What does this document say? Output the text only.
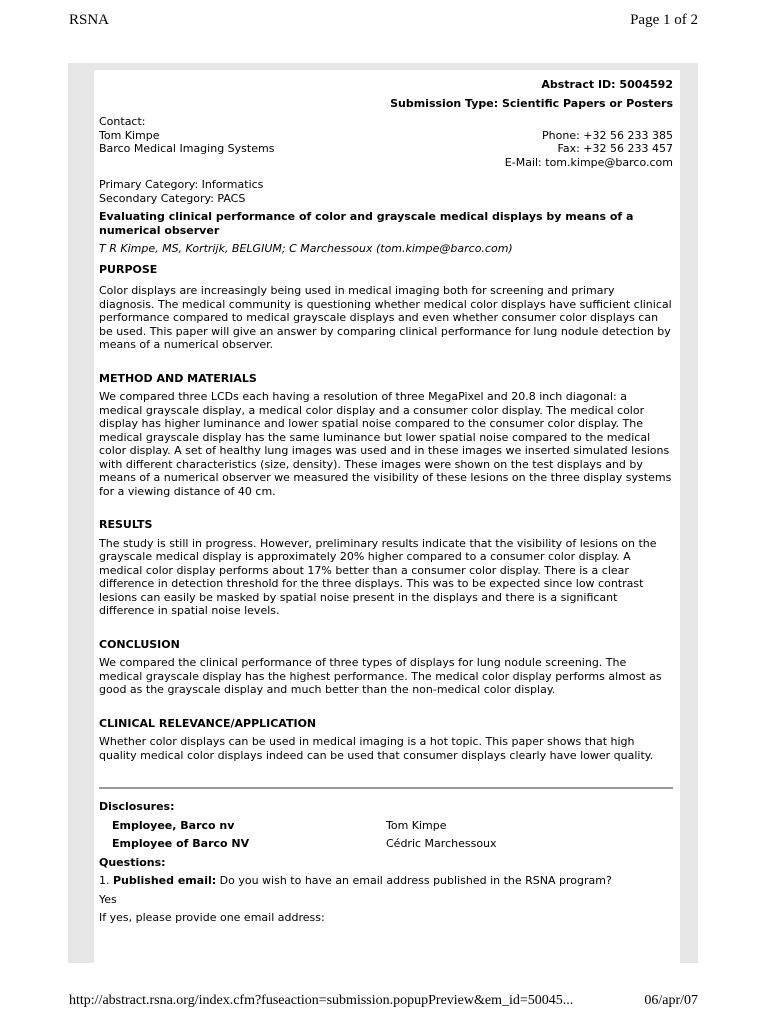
RSNA	Page 1 of 2
Abstract ID: 5004592
Submission Type: Scientific Papers or Posters
Contact:
Tom Kimpe	Phone: +32 56 233 385
Barco Medical Imaging Systems	Fax: +32 56 233 457
E-Mail: tom.kimpe@barco.com
Primary Category: Informatics
Secondary Category: PACS
Evaluating clinical performance of color and grayscale medical displays by means of a numerical observer
T R Kimpe, MS, Kortrijk, BELGIUM; C Marchessoux (tom.kimpe@barco.com)
PURPOSE
Color displays are increasingly being used in medical imaging both for screening and primary diagnosis. The medical community is questioning whether medical color displays have sufficient clinical performance compared to medical grayscale displays and even whether consumer color displays can be used. This paper will give an answer by comparing clinical performance for lung nodule detection by means of a numerical observer.
METHOD AND MATERIALS
We compared three LCDs each having a resolution of three MegaPixel and 20.8 inch diagonal: a medical grayscale display, a medical color display and a consumer color display. The medical color display has higher luminance and lower spatial noise compared to the consumer color display. The medical grayscale display has the same luminance but lower spatial noise compared to the medical color display. A set of healthy lung images was used and in these images we inserted simulated lesions with different characteristics (size, density). These images were shown on the test displays and by means of a numerical observer we measured the visibility of these lesions on the three display systems for a viewing distance of 40 cm.
RESULTS
The study is still in progress. However, preliminary results indicate that the visibility of lesions on the grayscale medical display is approximately 20% higher compared to a consumer color display. A medical color display performs about 17% better than a consumer color display. There is a clear difference in detection threshold for the three displays. This was to be expected since low contrast lesions can easily be masked by spatial noise present in the displays and there is a significant difference in spatial noise levels.
CONCLUSION
We compared the clinical performance of three types of displays for lung nodule screening. The medical grayscale display has the highest performance. The medical color display performs almost as good as the grayscale display and much better than the non-medical color display.
CLINICAL RELEVANCE/APPLICATION
Whether color displays can be used in medical imaging is a hot topic. This paper shows that high quality medical color displays indeed can be used that consumer displays clearly have lower quality.
Disclosures:
Employee, Barco nv	Tom Kimpe
Employee of Barco NV	Cédric Marchessoux
Questions:
1. Published email: Do you wish to have an email address published in the RSNA program?
Yes
If yes, please provide one email address:
http://abstract.rsna.org/index.cfm?fuseaction=submission.popupPreview&em_id=50045...	06/apr/07
